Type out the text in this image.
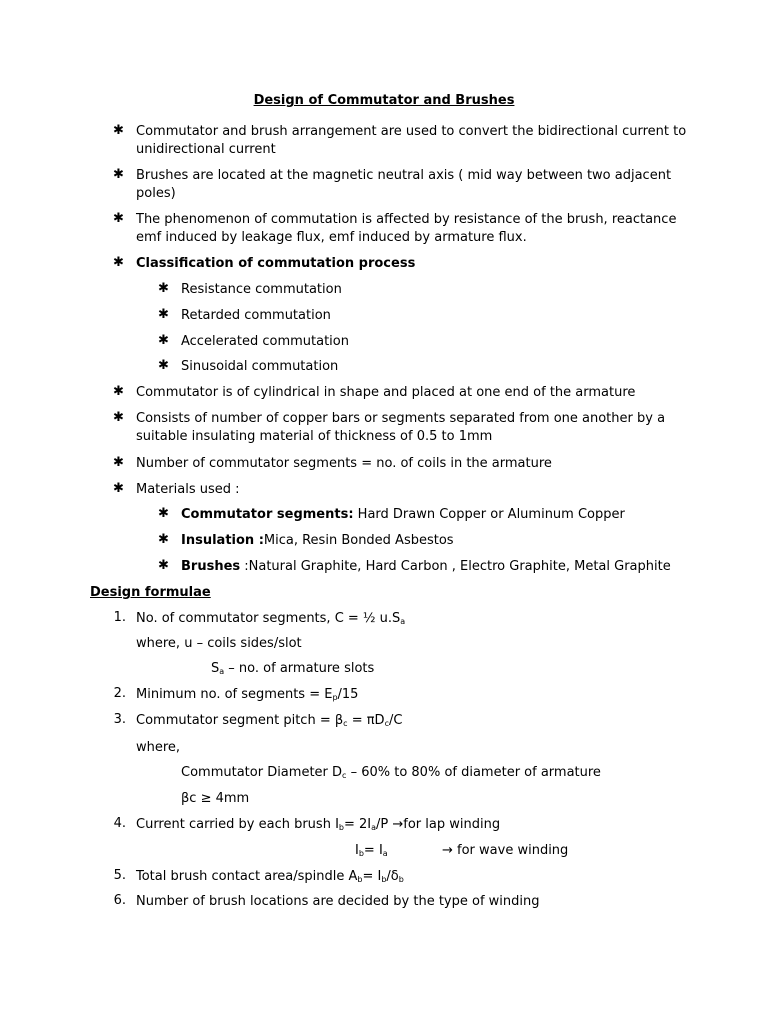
Design of Commutator and Brushes
✱ Commutator and brush arrangement are used to convert the bidirectional current to
unidirectional current
✱ Brushes are located at the magnetic neutral axis ( mid way between two adjacent
poles)
✱ The phenomenon of commutation is affected by resistance of the brush, reactance
emf induced by leakage flux, emf induced by armature flux.
✱ Classification of commutation process
✱ Resistance commutation
✱ Retarded commutation
✱ Accelerated commutation
✱ Sinusoidal commutation
✱ Commutator is of cylindrical in shape and placed at one end of the armature
✱ Consists of number of copper bars or segments separated from one another by a
suitable insulating material of thickness of 0.5 to 1mm
✱ Number of commutator segments = no. of coils in the armature
✱ Materials used :
✱ Commutator segments: Hard Drawn Copper or Aluminum Copper
✱ Insulation :Mica, Resin Bonded Asbestos
✱ Brushes :Natural Graphite, Hard Carbon , Electro Graphite, Metal Graphite
Design formulae
1. No. of commutator segments, C = ½ $u.S_a$
where, u – coils sides/slot
$S_a$ – no. of armature slots
2. Minimum no. of segments = $E_p/15$
3. Commutator segment pitch = $\beta_c = \pi D_c/C$
where,
Commutator Diameter $D_c - 60\%$ to 80% of diameter of armature
βc ≥ 4mm
4. Current carried by each brush $I_b= 2I_a/P \to for$ lap winding
$I_b= I_a$	→ for wave winding
5. Total brush contact area/spindle $A_b= I_b/\delta_b$
6. Number of brush locations are decided by the type of winding
